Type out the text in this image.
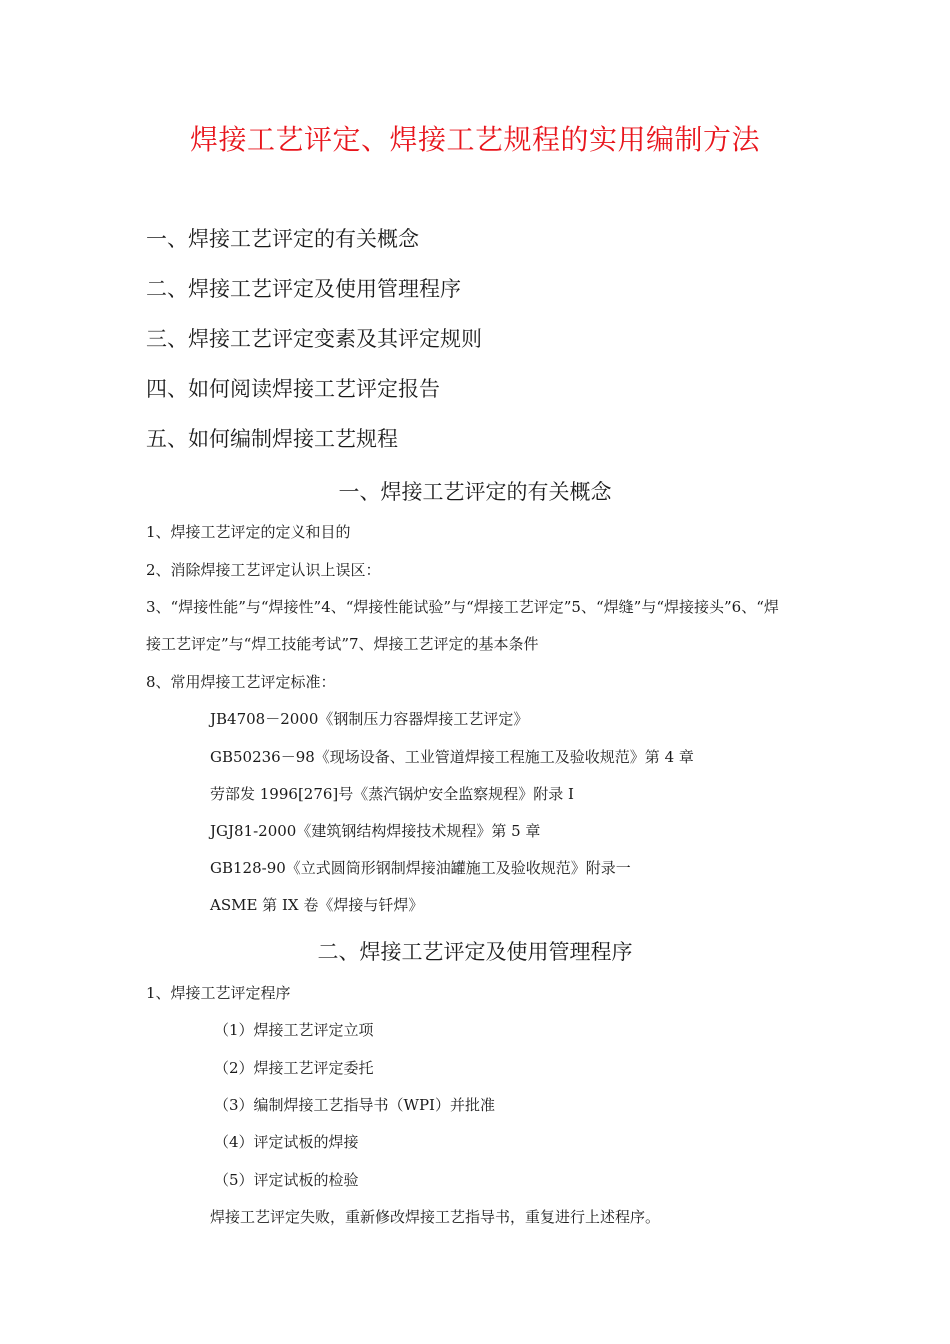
焊接工艺评定、焊接工艺规程的实用编制方法
一、焊接工艺评定的有关概念
二、焊接工艺评定及使用管理程序
三、焊接工艺评定变素及其评定规则
四、如何阅读焊接工艺评定报告
五、如何编制焊接工艺规程
一、焊接工艺评定的有关概念
1、焊接工艺评定的定义和目的
2、消除焊接工艺评定认识上误区：
3、“焊接性能”与“焊接性”4、“焊接性能试验”与“焊接工艺评定”5、“焊缝”与“焊接接头”6、“焊
接工艺评定”与“焊工技能考试”7、焊接工艺评定的基本条件
8、常用焊接工艺评定标准：
JB4708－2000《钢制压力容器焊接工艺评定》
GB50236－98《现场设备、工业管道焊接工程施工及验收规范》第 4 章
劳部发 1996[276]号《蒸汽锅炉安全监察规程》附录 I
JGJ81-2000《建筑钢结构焊接技术规程》第 5 章
GB128-90《立式圆筒形钢制焊接油罐施工及验收规范》附录一
ASME 第 IX 卷《焊接与钎焊》
二、焊接工艺评定及使用管理程序
1、焊接工艺评定程序
（1）焊接工艺评定立项
（2）焊接工艺评定委托
（3）编制焊接工艺指导书（WPI）并批准
（4）评定试板的焊接
（5）评定试板的检验
焊接工艺评定失败，重新修改焊接工艺指导书，重复进行上述程序。
